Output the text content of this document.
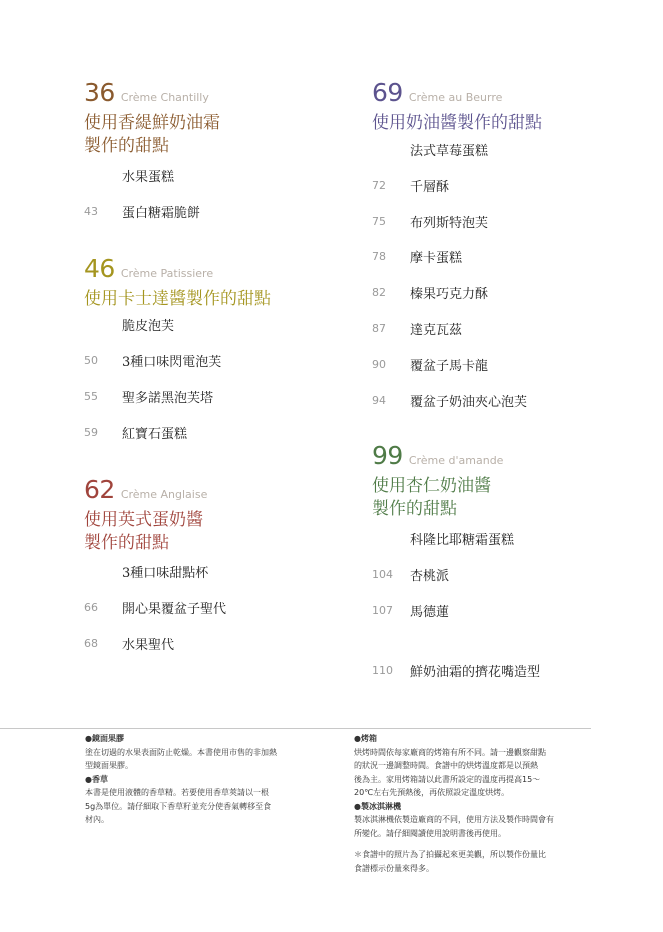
36 Crème Chantilly
使用香緹鮮奶油霜
製作的甜點
水果蛋糕
43	蛋白糖霜脆餅
46 Crème Patissiere
使用卡士達醬製作的甜點
脆皮泡芙
50	3種口味閃電泡芙
55	聖多諾黑泡芙塔
59	紅寶石蛋糕
62 Crème Anglaise
使用英式蛋奶醬
製作的甜點
3種口味甜點杯
66	開心果覆盆子聖代
68	水果聖代
69 Crème au Beurre
使用奶油醬製作的甜點
法式草莓蛋糕
72	千層酥
75	布列斯特泡芙
78	摩卡蛋糕
82	榛果巧克力酥
87	達克瓦茲
90	覆盆子馬卡龍
94	覆盆子奶油夾心泡芙
99 Crème d'amande
使用杏仁奶油醬
製作的甜點
科隆比耶糖霜蛋糕
104	杏桃派
107	馬德蓮
110	鮮奶油霜的擠花嘴造型
●鏡面果膠
塗在切過的水果表面防止乾燥。本書使用市售的非加熱
型鏡面果膠。
●香草
本書是使用液體的香草精。若要使用香草莢請以一根
5g為單位。請仔細取下香草籽並充分使香氣轉移至食
材內。
●烤箱
烘烤時間依每家廠商的烤箱有所不同。請一邊觀察甜點
的狀況一邊調整時間。食譜中的烘烤溫度都是以預熱
後為主。家用烤箱請以此書所設定的溫度再提高15～
20℃左右先預熱後，再依照設定溫度烘烤。
●製冰淇淋機
製冰淇淋機依製造廠商的不同，使用方法及製作時間會有
所變化。請仔細閱讀使用說明書後再使用。
＊食譜中的照片為了拍攝起來更美觀，所以製作份量比
食譜標示份量來得多。
